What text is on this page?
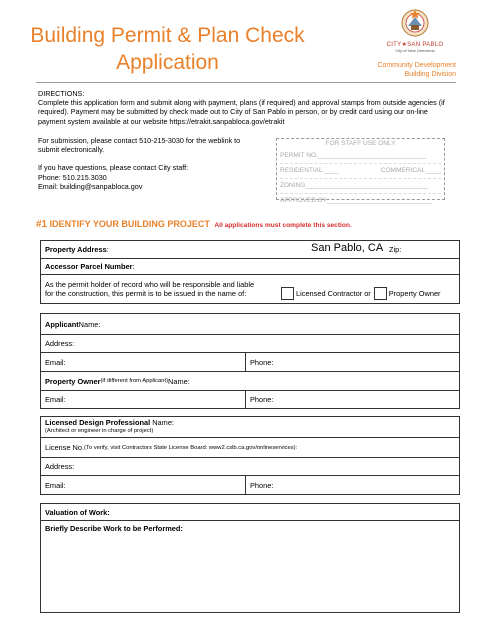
Building Permit & Plan Check
Application
CITY★SAN PABLO
City of New Directions
Community Development
Building Division
DIRECTIONS:
Complete this application form and submit along with payment, plans (if required) and approval stamps from outside agencies (if required). Payment may be submitted by check made out to City of San Pablo in person, or by credit card using our on-line payment system available at our website https://etrakit.sanpabloca.gov/etrakit
For submission, please contact 510-215-3030 for the weblink to submit electronically.
If you have questions, please contact City staff:
Phone: 510.215.3030
Email: building@sanpabloca.gov
FOR STAFF USE ONLY
PERMIT NO.______________________________
RESIDENTIAL ____	COMMERICAL ____
ZONING__________________________________
APPROVED BY_____________________________
#1 IDENTIFY YOUR BUILDING PROJECT All applications must complete this section.
Property Address :	San Pablo, CA Zip:
Accessor Parcel Number :
As the permit holder of record who will be responsible and liable
for the construction, this permit is to be issued in the name of:	Licensed Contractor or Property Owner
Applicant Name:
Address:
Email:	Phone:
Property Owner (if different from Applicant) Name:
Email:	Phone:
Licensed Design Professional Name:
(Architect or engineer in charge of project)
License No. (To verify, visit Contractors State License Board: www2.cslb.ca.gov/onlineservices):
Address:
Email:	Phone:
Valuation of Work:
Briefly Describe Work to be Performed:
